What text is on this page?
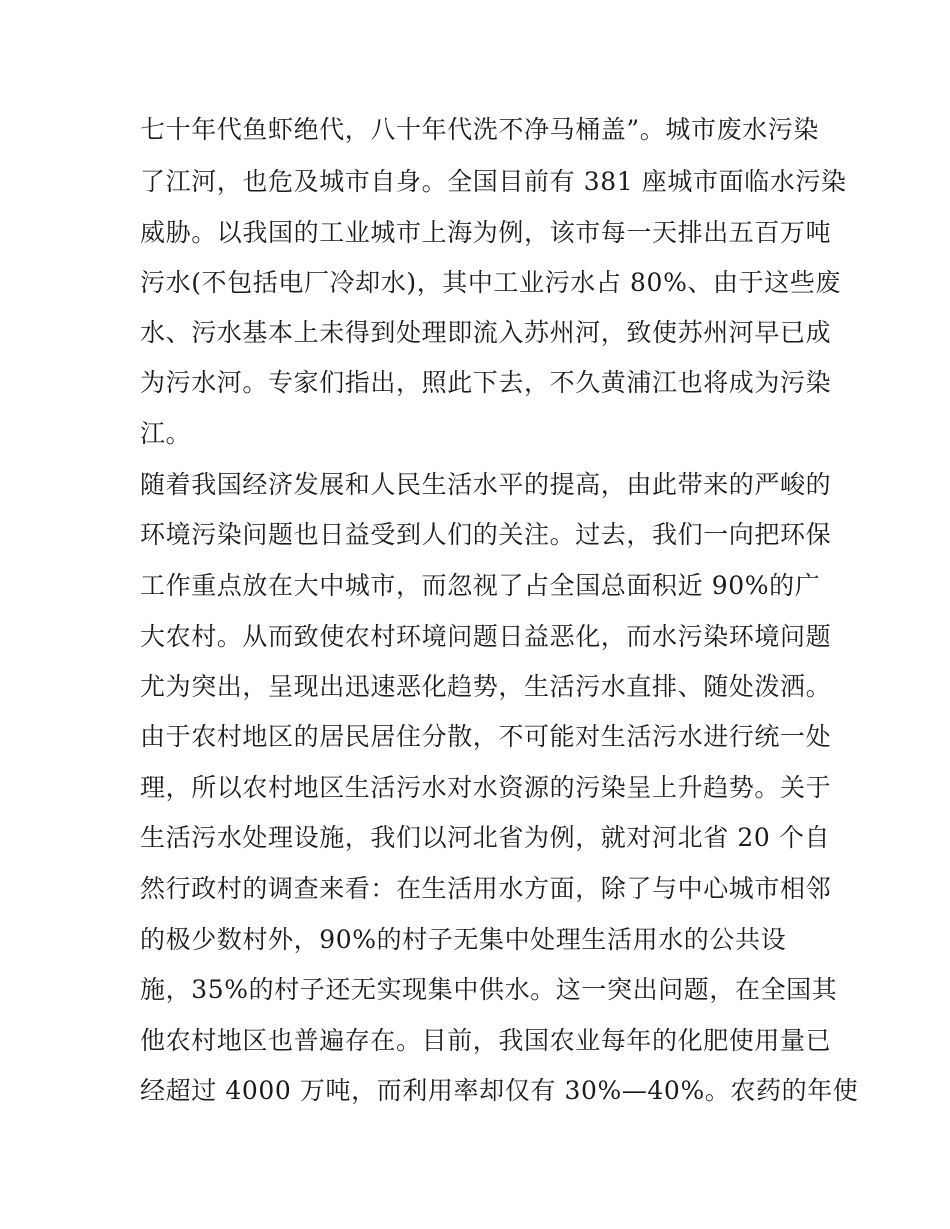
七十年代鱼虾绝代，八十年代洗不净马桶盖”。城市废水污染
了江河，也危及城市自身。全国目前有 381 座城市面临水污染
威胁。以我国的工业城市上海为例，该市每一天排出五百万吨
污水(不包括电厂冷却水)，其中工业污水占 80%、由于这些废
水、污水基本上未得到处理即流入苏州河，致使苏州河早已成
为污水河。专家们指出，照此下去，不久黄浦江也将成为污染
江。
随着我国经济发展和人民生活水平的提高，由此带来的严峻的
环境污染问题也日益受到人们的关注。过去，我们一向把环保
工作重点放在大中城市，而忽视了占全国总面积近 90%的广
大农村。从而致使农村环境问题日益恶化，而水污染环境问题
尤为突出，呈现出迅速恶化趋势，生活污水直排、随处泼洒。
由于农村地区的居民居住分散，不可能对生活污水进行统一处
理，所以农村地区生活污水对水资源的污染呈上升趋势。关于
生活污水处理设施，我们以河北省为例，就对河北省 20 个自
然行政村的调查来看：在生活用水方面，除了与中心城市相邻
的极少数村外，90%的村子无集中处理生活用水的公共设
施，35%的村子还无实现集中供水。这一突出问题，在全国其
他农村地区也普遍存在。目前，我国农业每年的化肥使用量已
经超过 4000 万吨，而利用率却仅有 30%—40%。农药的年使
